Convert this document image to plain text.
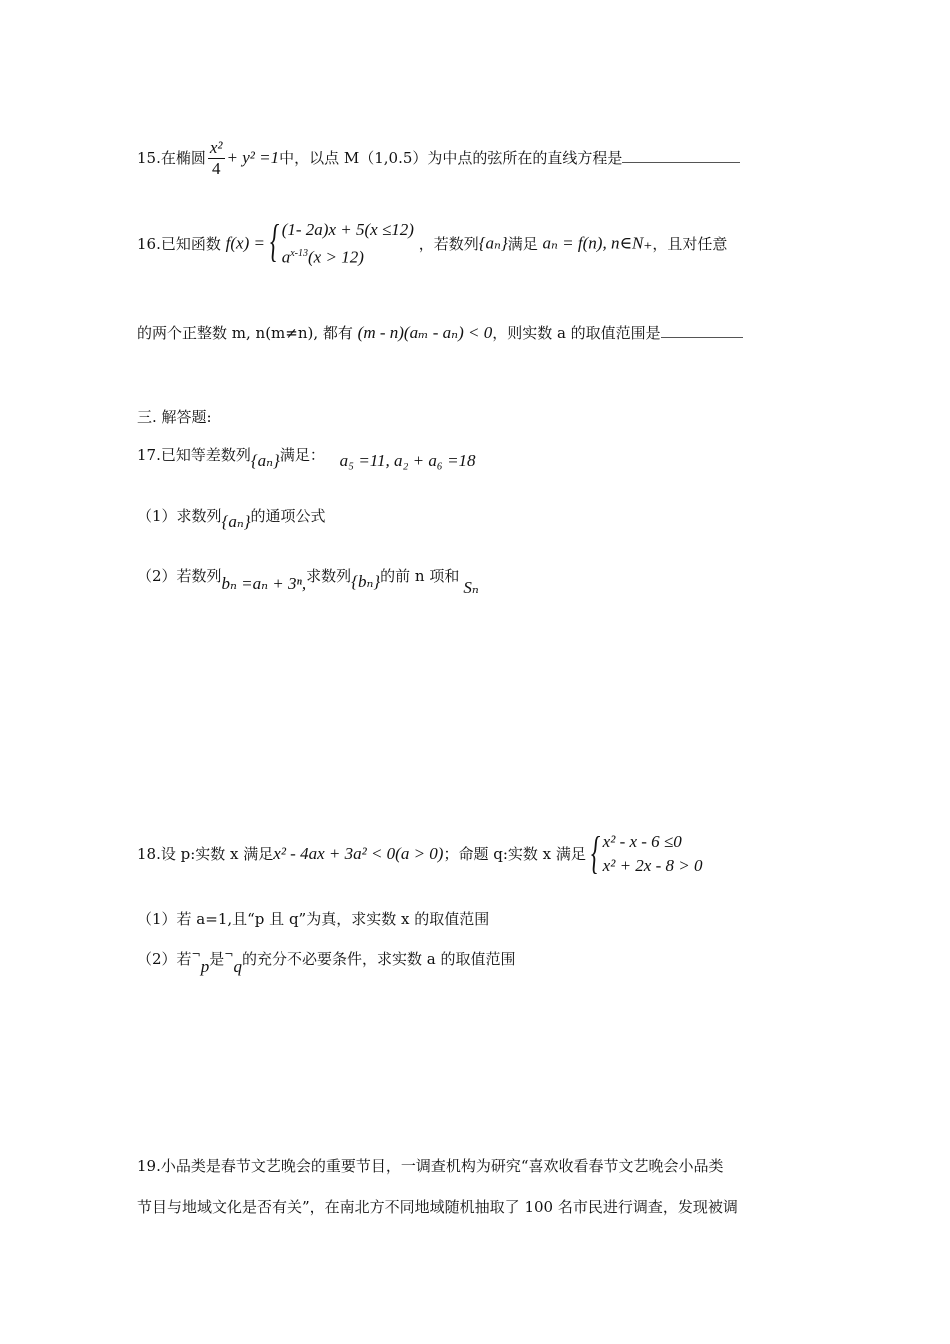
15.在椭圆 $\frac{\text{x²}}{4} + y^2 =1$中，以点 M（1,0.5）为中点的弦所在的直线方程是
16.已知函数 f(x) = { (1- 2a)x + 5(x ≤12)
$a^{x-13}(x > 12)$
，若数列{aₙ}满足 aₙ = f(n), n∈N₊，且对任意
的两个正整数 m, n(m≠n), 都有 (m - n)(aₘ - aₙ) < 0，则实数 a 的取值范围是
三. 解答题:
17.已知等差数列{aₙ}满足： a₅ =11, a₂ + a₆ =18
（1）求数列{aₙ}的通项公式
（2）若数列bₙ =aₙ + 3ⁿ,求数列{bₙ}的前 n 项和Sₙ
18.设 p:实数 x 满足x² - 4ax + 3a² < 0(a > 0)；命题 q:实数 x 满足 { x² - x - 6 ≤0
x² + 2x - 8 > 0
（1）若 a=1,且“p 且 q”为真，求实数 x 的取值范围
（2）若¬p是¬q的充分不必要条件，求实数 a 的取值范围
19.小品类是春节文艺晚会的重要节目，一调查机构为研究“喜欢收看春节文艺晚会小品类
节目与地域文化是否有关”，在南北方不同地域随机抽取了 100 名市民进行调查，发现被调
